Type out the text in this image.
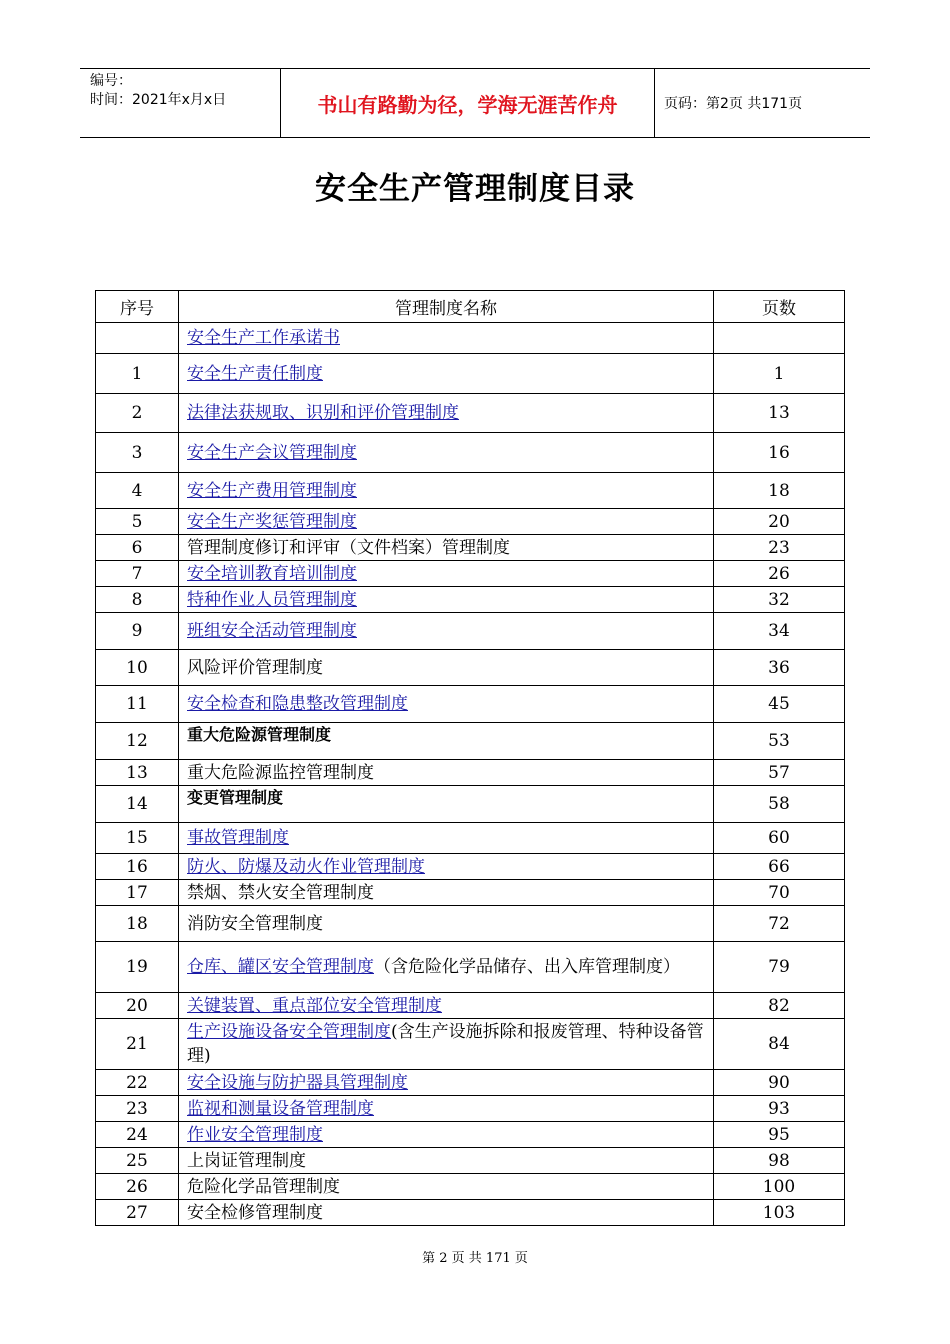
编号：
时间：2021年x月x日	书山有路勤为径，学海无涯苦作舟	页码：第2页 共171页
安全生产管理制度目录
序号	管理制度名称	页数
	安全生产工作承诺书	
1	安全生产责任制度	1
2	法律法获规取、识别和评价管理制度	13
3	安全生产会议管理制度	16
4	安全生产费用管理制度	18
5	安全生产奖惩管理制度	20
6	管理制度修订和评审（文件档案）管理制度	23
7	安全培训教育培训制度	26
8	特种作业人员管理制度	32
9	班组安全活动管理制度	34
10	风险评价管理制度	36
11	安全检查和隐患整改管理制度	45
12	重大危险源管理制度	53
13	重大危险源监控管理制度	57
14	变更管理制度	58
15	事故管理制度	60
16	防火、防爆及动火作业管理制度	66
17	禁烟、禁火安全管理制度	70
18	消防安全管理制度	72
19	仓库、罐区安全管理制度（含危险化学品储存、出入库管理制度）	79
20	关键装置、重点部位安全管理制度	82
21	生产设施设备安全管理制度(含生产设施拆除和报废管理、特种设备管理)	84
22	安全设施与防护器具管理制度	90
23	监视和测量设备管理制度	93
24	作业安全管理制度	95
25	上岗证管理制度	98
26	危险化学品管理制度	100
27	安全检修管理制度	103
第 2 页 共 171 页
